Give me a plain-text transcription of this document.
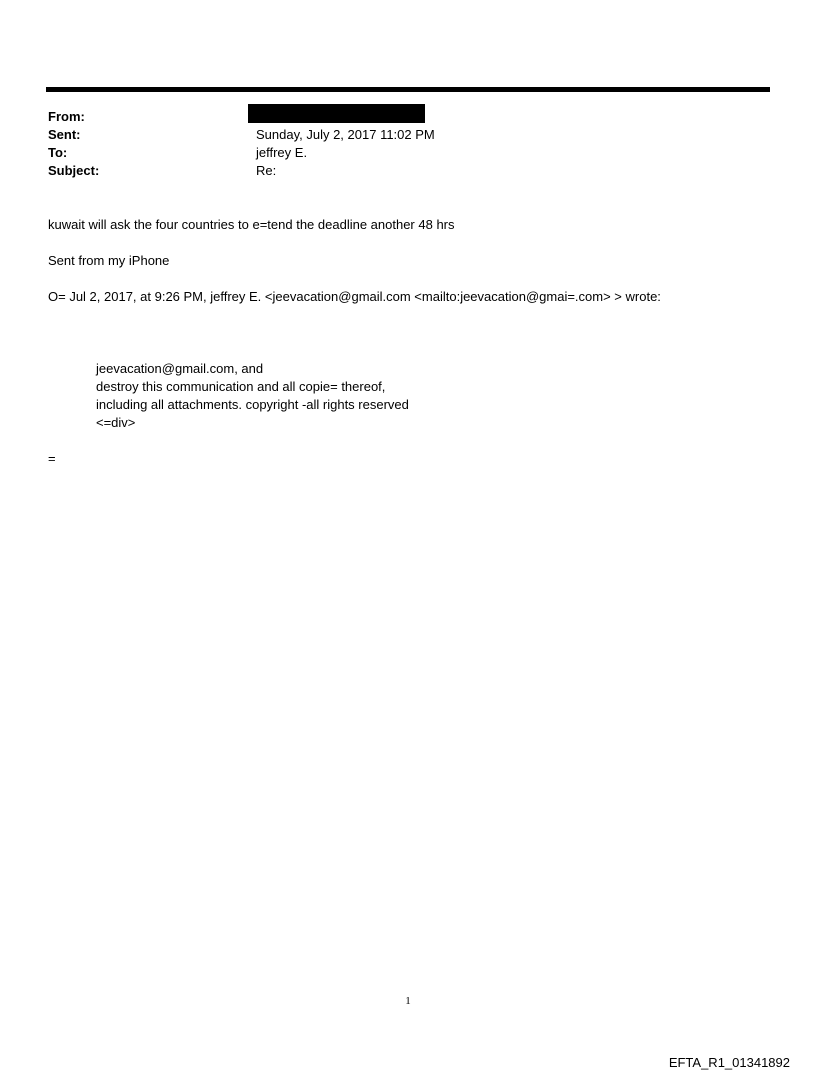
From:
Sent:	Sunday, July 2, 2017 11:02 PM
To:	jeffrey E.
Subject:	Re:
kuwait will ask the four countries to e=tend the deadline another 48 hrs
Sent from my iPhone
O= Jul 2, 2017, at 9:26 PM, jeffrey E. <jeevacation@gmail.com <mailto:jeevacation@gmai=.com> > wrote:
jeevacation@gmail.com, and
destroy this communication and all copie= thereof,
including all attachments. copyright -all rights reserved
<=div>
=
1
EFTA_R1_01341892
